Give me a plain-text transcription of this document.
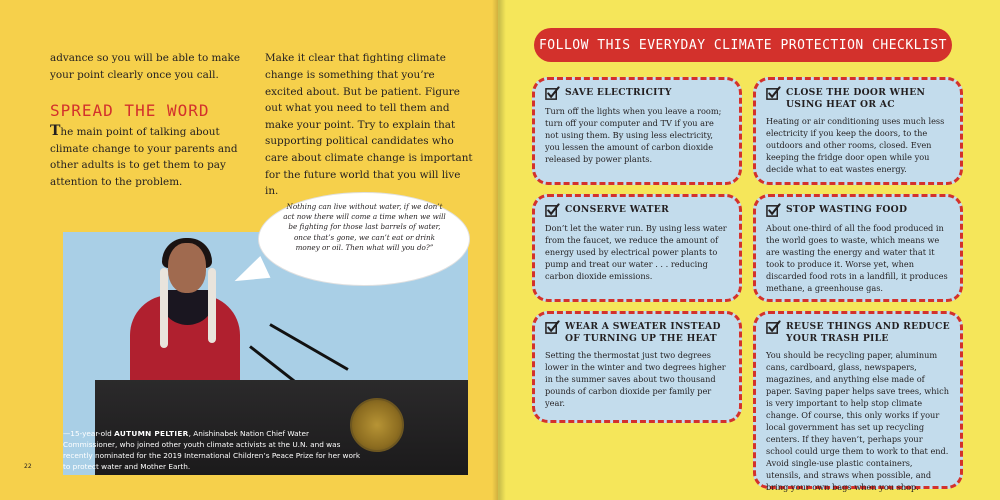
advance so you will be able to make your point clearly once you call.

SPREAD THE WORD

The main point of talking about climate change to your parents and other adults is to get them to pay attention to the problem.

Make it clear that fighting climate change is something that you’re excited about. But be patient. Figure out what you need to tell them and make your point. Try to explain that supporting political candidates who care about climate change is important for the future world that you will live in.

Nothing can live without water, if we don’t act now there will come a time when we will be fighting for those last barrels of water, once that’s gone, we can’t eat or drink money or oil. Then what will you do?”

—15-year-old AUTUMN PELTIER, Anishinabek Nation Chief Water Commissioner, who joined other youth climate activists at the U.N. and was recently nominated for the 2019 International Children’s Peace Prize for her work to protect water and Mother Earth.

22
FOLLOW THIS EVERYDAY CLIMATE PROTECTION CHECKLIST
SAVE ELECTRICITY

Turn off the lights when you leave a room; turn off your computer and TV if you are not using them. By using less electricity, you lessen the amount of carbon dioxide released by power plants.

CLOSE THE DOOR WHEN USING HEAT OR AC

Heating or air conditioning uses much less electricity if you keep the doors, to the outdoors and other rooms, closed. Even keeping the fridge door open while you decide what to eat wastes energy.

CONSERVE WATER

Don’t let the water run. By using less water from the faucet, we reduce the amount of energy used by electrical power plants to pump and treat our water . . . reducing carbon dioxide emissions.

STOP WASTING FOOD

About one-third of all the food produced in the world goes to waste, which means we are wasting the energy and water that it took to produce it. Worse yet, when discarded food rots in a landfill, it produces methane, a greenhouse gas.

WEAR A SWEATER INSTEAD OF TURNING UP THE HEAT

Setting the thermostat just two degrees lower in the winter and two degrees higher in the summer saves about two thousand pounds of carbon dioxide per family per year.

REUSE THINGS AND REDUCE YOUR TRASH PILE

You should be recycling paper, aluminum cans, cardboard, glass, newspapers, magazines, and anything else made of paper. Saving paper helps save trees, which is very important to help stop climate change. Of course, this only works if your local government has set up recycling centers. If they haven’t, perhaps your school could urge them to work to that end. Avoid single-use plastic containers, utensils, and straws when possible, and bring your own bags when you shop.
